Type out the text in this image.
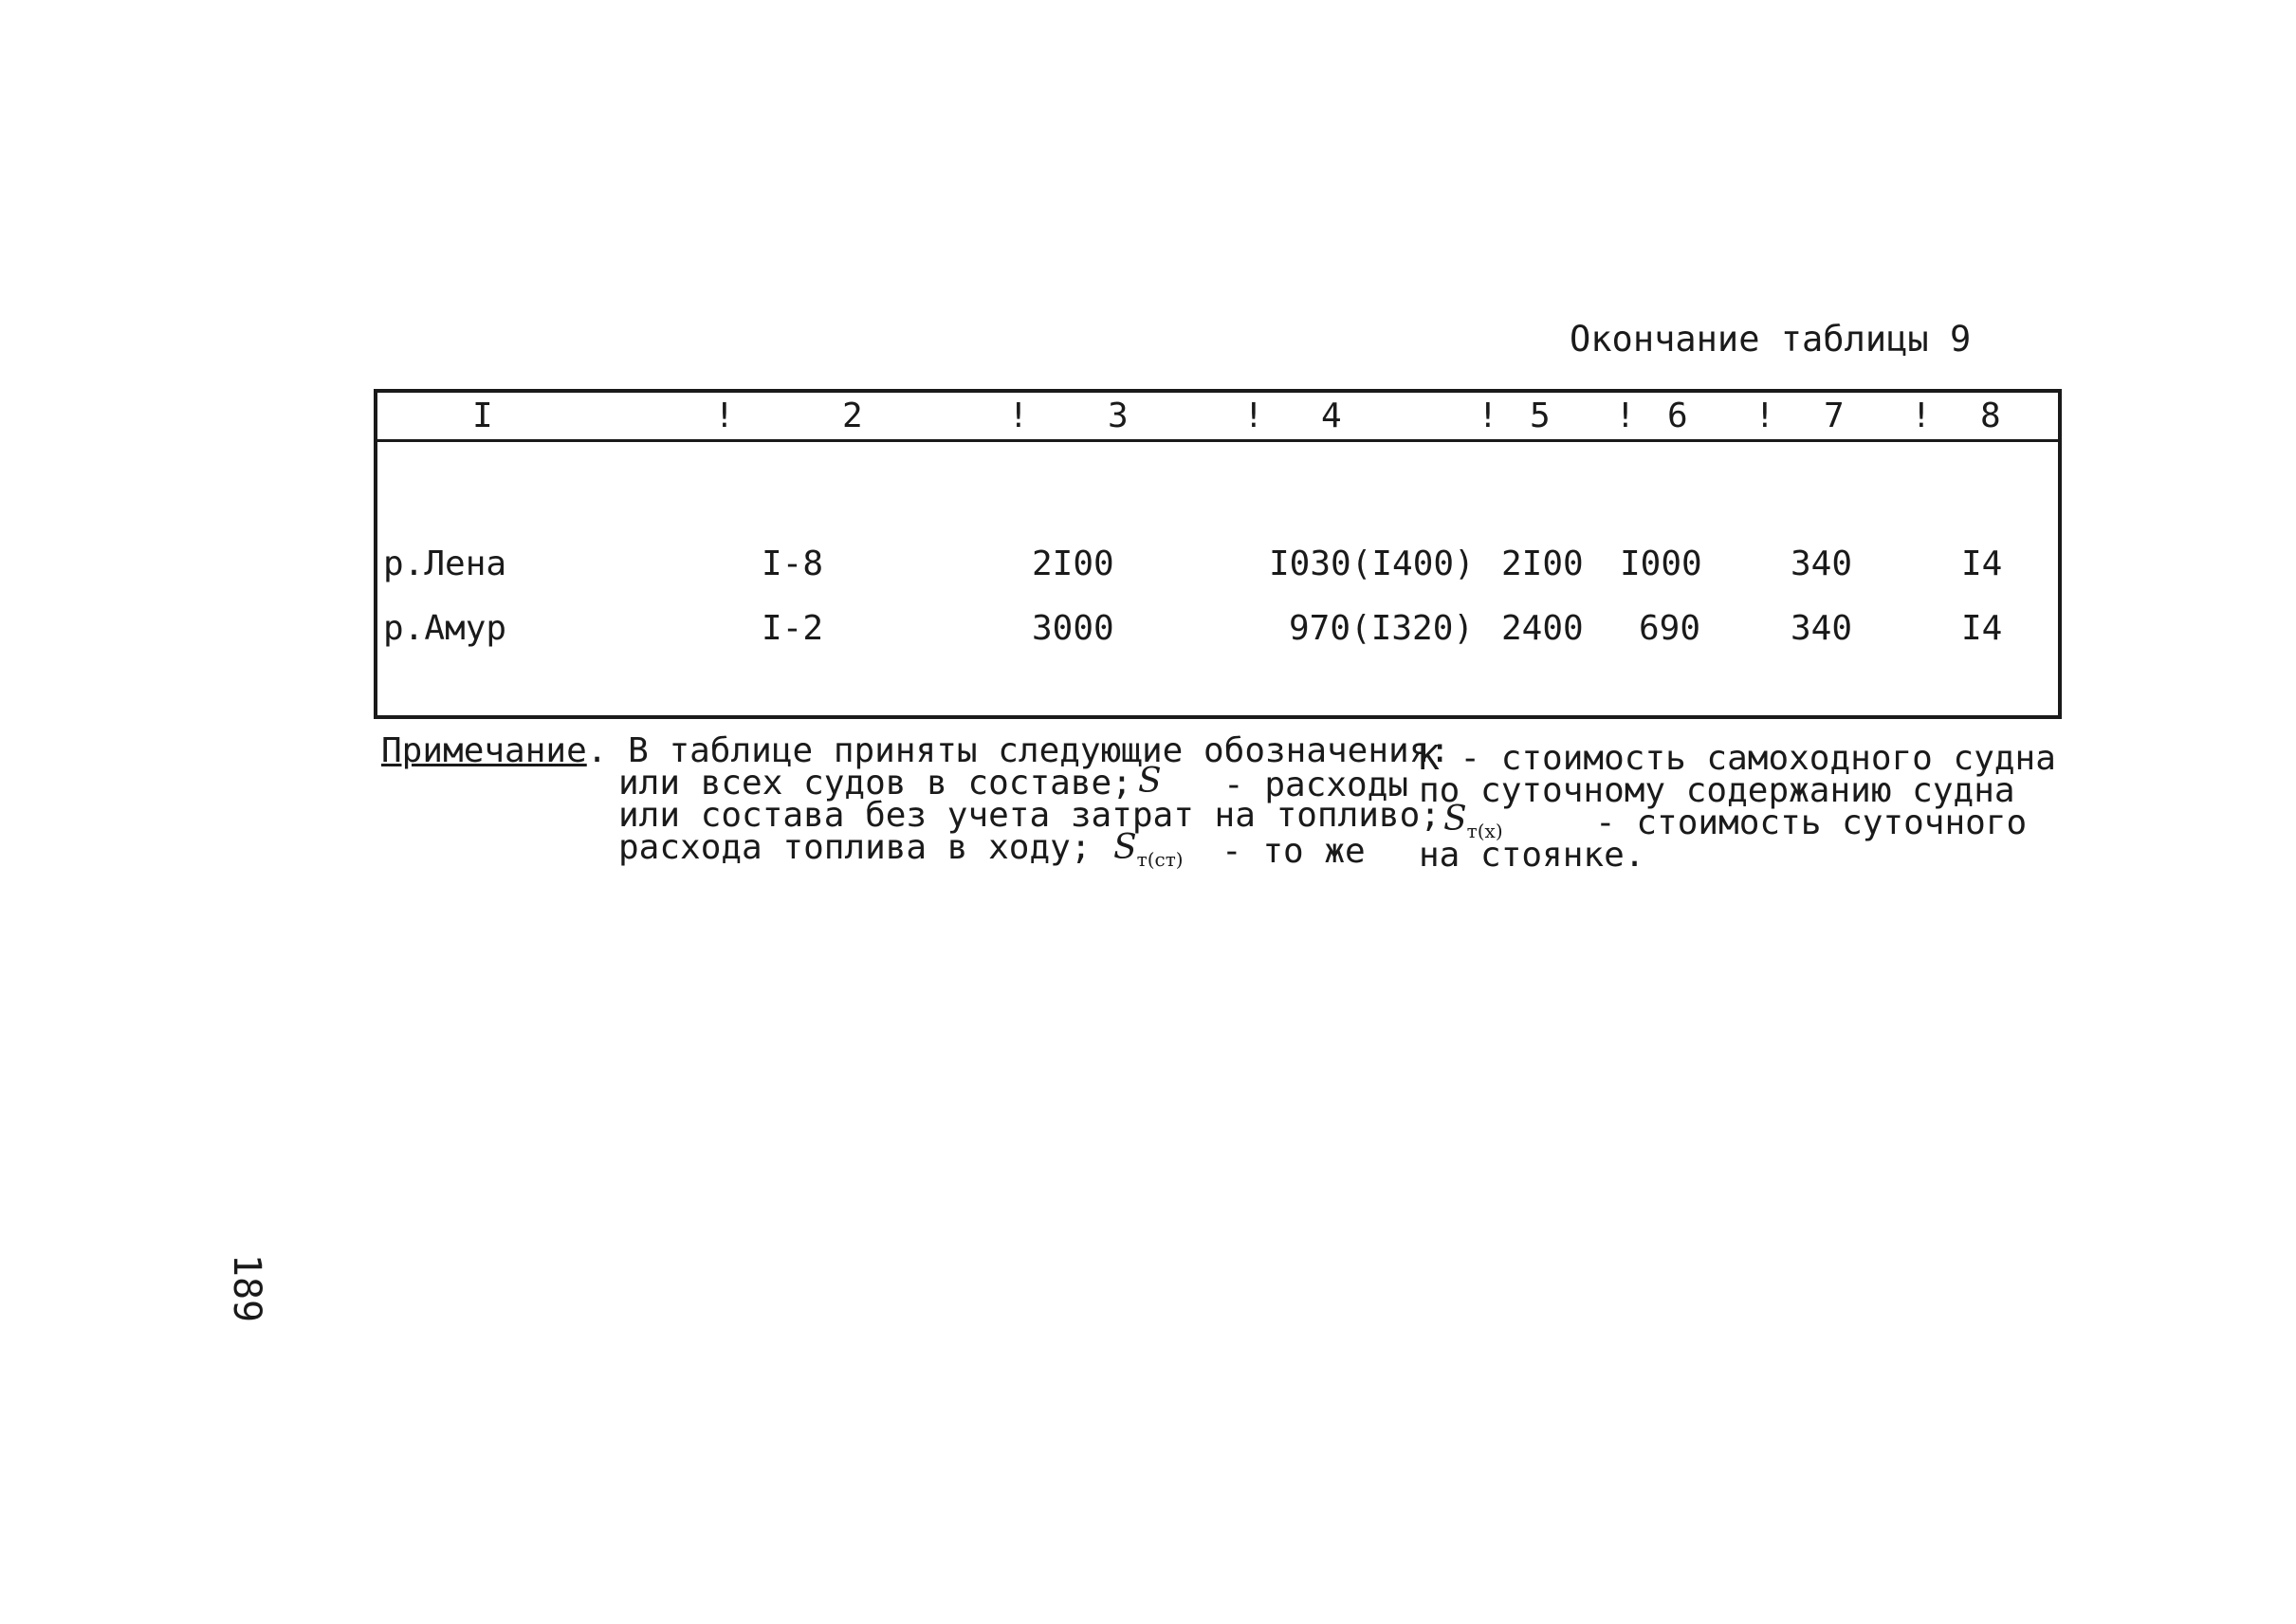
Окончание таблицы 9
I	!	2	! 3	! 4	! 5 ! 6 ! 7 ! 8
р.Лена	I-8	2I00	I030(I400) 2I00 I000	340	I4
р.Амур	I-2	3000	970(I320) 2400 690	340	I4
Примечание. В таблице приняты следующие обозначения:
К - стоимость самоходного судна
или всех судов в составе; S - расходы по суточному содержанию судна
или состава без учета затрат на топливо; $S_{т(х)}$	- стоимость суточного
расхода топлива в ходу; $S_{т(ст)}$ - то же на стоянке.
189
